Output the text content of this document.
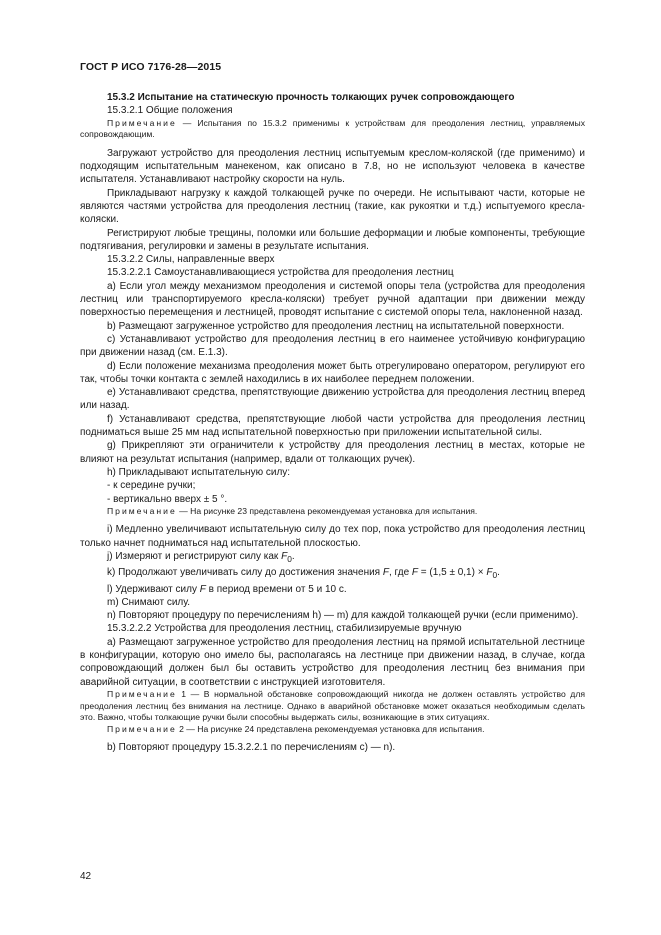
ГОСТ Р ИСО 7176-28—2015

15.3.2 Испытание на статическую прочность толкающих ручек сопровождающего

15.3.2.1 Общие положения

Примечание — Испытания по 15.3.2 применимы к устройствам для преодоления лестниц, управляемых сопровождающим.

Загружают устройство для преодоления лестниц испытуемым креслом-коляской (где применимо) и подходящим испытательным манекеном, как описано в 7.8, но не используют человека в качестве испытателя. Устанавливают настройку скорости на нуль.

Прикладывают нагрузку к каждой толкающей ручке по очереди. Не испытывают части, которые не являются частями устройства для преодоления лестниц (такие, как рукоятки и т.д.) испытуемого кресла-коляски.

Регистрируют любые трещины, поломки или большие деформации и любые компоненты, требующие подтягивания, регулировки и замены в результате испытания.

15.3.2.2 Силы, направленные вверх

15.3.2.2.1 Самоустанавливающиеся устройства для преодоления лестниц

a) Если угол между механизмом преодоления и системой опоры тела (устройства для преодоления лестниц или транспортируемого кресла-коляски) требует ручной адаптации при движении между поверхностью перемещения и лестницей, проводят испытание с системой опоры тела, наклоненной назад.

b) Размещают загруженное устройство для преодоления лестниц на испытательной поверхности.

c) Устанавливают устройство для преодоления лестниц в его наименее устойчивую конфигурацию при движении назад (см. Е.1.3).

d) Если положение механизма преодоления может быть отрегулировано оператором, регулируют его так, чтобы точки контакта с землей находились в их наиболее переднем положении.

e) Устанавливают средства, препятствующие движению устройства для преодоления лестниц вперед или назад.

f) Устанавливают средства, препятствующие любой части устройства для преодоления лестниц подниматься выше 25 мм над испытательной поверхностью при приложении испытательной силы.

g) Прикрепляют эти ограничители к устройству для преодоления лестниц в местах, которые не влияют на результат испытания (например, вдали от толкающих ручек).

h) Прикладывают испытательную силу:

- к середине ручки;

- вертикально вверх ± 5 °.

Примечание — На рисунке 23 представлена рекомендуемая установка для испытания.

i) Медленно увеличивают испытательную силу до тех пор, пока устройство для преодоления лестниц только начнет подниматься над испытательной плоскостью.

j) Измеряют и регистрируют силу как $F_0$.

k) Продолжают увеличивать силу до достижения значения F, где $F = (1,5 \pm 0,1) \times F_0$.

l) Удерживают силу F в период времени от 5 и 10 с.

m) Снимают силу.

n) Повторяют процедуру по перечислениям h) — m) для каждой толкающей ручки (если применимо).

15.3.2.2.2 Устройства для преодоления лестниц, стабилизируемые вручную

a) Размещают загруженное устройство для преодоления лестниц на прямой испытательной лестнице в конфигурации, которую оно имело бы, располагаясь на лестнице при движении назад, в случае, когда сопровождающий должен был бы оставить устройство для преодоления лестниц без внимания при аварийной ситуации, в соответствии с инструкцией изготовителя.

Примечание 1 — В нормальной обстановке сопровождающий никогда не должен оставлять устройство для преодоления лестниц без внимания на лестнице. Однако в аварийной обстановке может оказаться необходимым сделать это. Важно, чтобы толкающие ручки были способны выдержать силы, возникающие в этих ситуациях.

Примечание 2 — На рисунке 24 представлена рекомендуемая установка для испытания.

b) Повторяют процедуру 15.3.2.2.1 по перечислениям c) — n).

42
